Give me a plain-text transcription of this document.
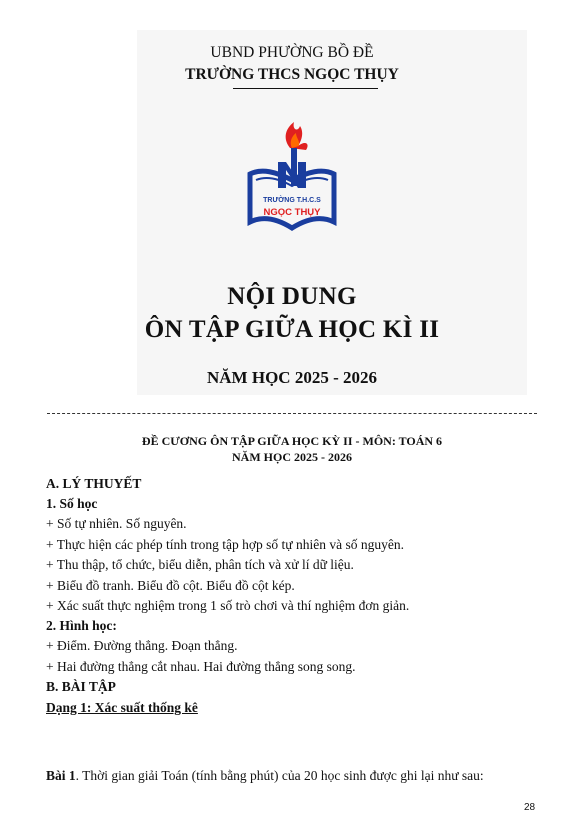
UBND PHƯỜNG BỒ ĐỀ
TRƯỜNG THCS NGỌC THỤY
TRƯỜNG T.H.C.S
NGỌC THỤY
NỘI DUNG
ÔN TẬP GIỮA HỌC KÌ II
NĂM HỌC 2025 - 2026
ĐỀ CƯƠNG ÔN TẬP GIỮA HỌC KỲ II - MÔN: TOÁN 6
NĂM HỌC 2025 - 2026
A. LÝ THUYẾT
1. Số học
+ Số tự nhiên. Số nguyên.
+ Thực hiện các phép tính trong tập hợp số tự nhiên và số nguyên.
+ Thu thập, tổ chức, biểu diễn, phân tích và xử lí dữ liệu.
+ Biểu đồ tranh. Biểu đồ cột. Biểu đồ cột kép.
+ Xác suất thực nghiệm trong 1 số trò chơi và thí nghiệm đơn giản.
2. Hình học:
+ Điểm. Đường thẳng. Đoạn thẳng.
+ Hai đường thẳng cắt nhau. Hai đường thẳng song song.
B. BÀI TẬP
Dạng 1: Xác suất thống kê
Bài 1. Thời gian giải Toán (tính bằng phút) của 20 học sinh được ghi lại như sau:
28
